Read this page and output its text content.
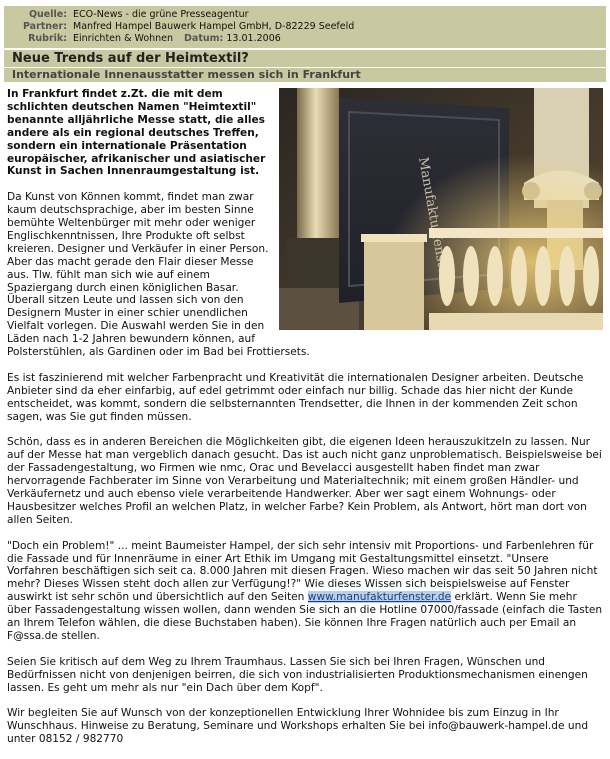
Quelle: ECO-News - die grüne Presseagentur
Partner: Manfred Hampel Bauwerk Hampel GmbH, D-82229 Seefeld
Rubrik: Einrichten & Wohnen Datum: 13.01.2006
Neue Trends auf der Heimtextil?
Internationale Innenausstatter messen sich in Frankfurt

In Frankfurt findet z.Zt. die mit dem schlichten deutschen Namen "Heimtextil" benannte alljährliche Messe statt, die alles andere als ein regional deutsches Treffen, sondern ein internationale Präsentation europäischer, afrikanischer und asiatischer Kunst in Sachen Innenraumgestaltung ist.

Da Kunst von Können kommt, findet man zwar kaum deutschsprachige, aber im besten Sinne bemühte Weltenbürger mit mehr oder weniger Englischkenntnissen, Ihre Produkte oft selbst kreieren. Designer und Verkäufer in einer Person. Aber das macht gerade den Flair dieser Messe aus. Tlw. fühlt man sich wie auf einem Spaziergang durch einen königlichen Basar. Überall sitzen Leute und lassen sich von den Designern Muster in einer schier unendlichen Vielfalt vorlegen. Die Auswahl werden Sie in den Läden nach 1-2 Jahren bewundern können, auf Polsterstühlen, als Gardinen oder im Bad bei Frottiersets.

Es ist faszinierend mit welcher Farbenpracht und Kreativität die internationalen Designer arbeiten. Deutsche Anbieter sind da eher einfarbig, auf edel getrimmt oder einfach nur billig. Schade das hier nicht der Kunde entscheidet, was kommt, sondern die selbsternannten Trendsetter, die Ihnen in der kommenden Zeit schon sagen, was Sie gut finden müssen.

Schön, dass es in anderen Bereichen die Möglichkeiten gibt, die eigenen Ideen herauszukitzeln zu lassen. Nur auf der Messe hat man vergeblich danach gesucht. Das ist auch nicht ganz unproblematisch. Beispielsweise bei der Fassadengestaltung, wo Firmen wie nmc, Orac und Bevelacci ausgestellt haben findet man zwar hervorragende Fachberater im Sinne von Verarbeitung und Materialtechnik; mit einem großen Händler- und Verkäufernetz und auch ebenso viele verarbeitende Handwerker. Aber wer sagt einem Wohnungs- oder Hausbesitzer welches Profil an welchen Platz, in welcher Farbe? Kein Problem, als Antwort, hört man dort von allen Seiten.

"Doch ein Problem!" ... meint Baumeister Hampel, der sich sehr intensiv mit Proportions- und Farbenlehren für die Fassade und für Innenräume in einer Art Ethik im Umgang mit Gestaltungsmittel einsetzt. "Unsere Vorfahren beschäftigen sich seit ca. 8.000 Jahren mit diesen Fragen. Wieso machen wir das seit 50 Jahren nicht mehr? Dieses Wissen steht doch allen zur Verfügung!?" Wie dieses Wissen sich beispielsweise auf Fenster auswirkt ist sehr schön und übersichtlich auf den Seiten www.manufakturfenster.de erklärt. Wenn Sie mehr über Fassadengestaltung wissen wollen, dann wenden Sie sich an die Hotline 07000/fassade (einfach die Tasten an Ihrem Telefon wählen, die diese Buchstaben haben). Sie können Ihre Fragen natürlich auch per Email an F@ssa.de stellen.

Seien Sie kritisch auf dem Weg zu Ihrem Traumhaus. Lassen Sie sich bei Ihren Fragen, Wünschen und Bedürfnissen nicht von denjenigen beirren, die sich von industrialisierten Produktionsmechanismen einengen lassen. Es geht um mehr als nur "ein Dach über dem Kopf".

Wir begleiten Sie auf Wunsch von der konzeptionellen Entwicklung Ihrer Wohnidee bis zum Einzug in Ihr Wunschhaus. Hinweise zu Beratung, Seminare und Workshops erhalten Sie bei info@bauwerk-hampel.de und unter 08152 / 982770
